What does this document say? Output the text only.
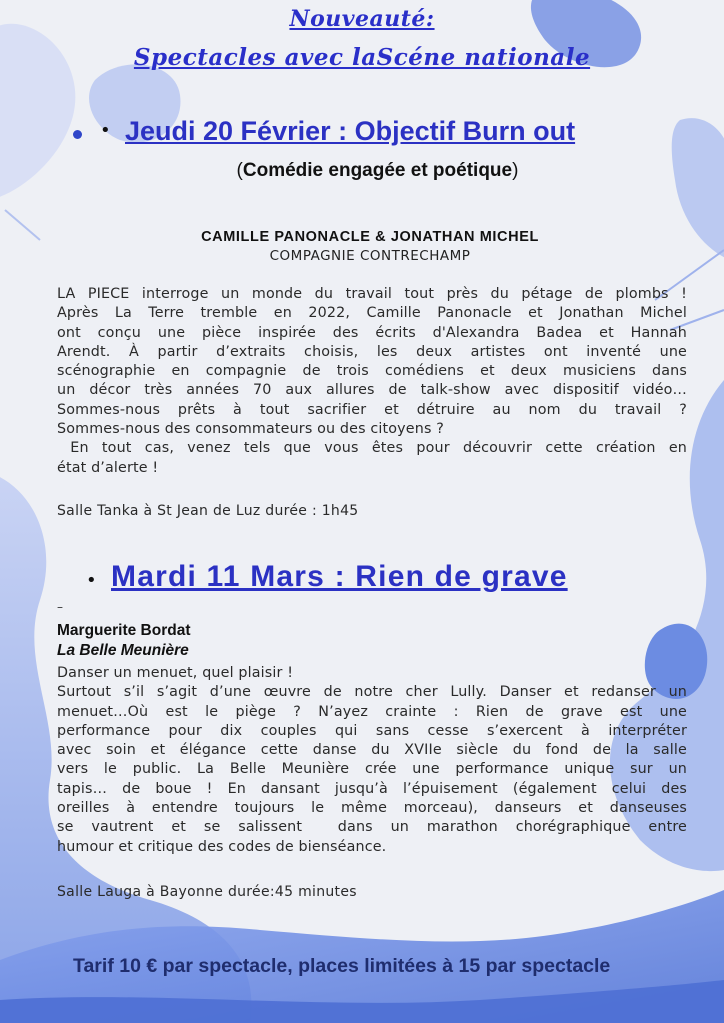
Nouveauté:
Spectacles avec laScéne nationale
• Jeudi 20 Février : Objectif Burn out
(Comédie engagée et poétique)
CAMILLE PANONACLE & JONATHAN MICHEL
COMPAGNIE CONTRECHAMP
LA PIECE interroge un monde du travail tout près du pétage de plombs !
Après La Terre tremble en 2022, Camille Panonacle et Jonathan Michel
ont conçu une pièce inspirée des écrits d'Alexandra Badea et Hannah
Arendt. À partir d’extraits choisis, les deux artistes ont inventé une
scénographie en compagnie de trois comédiens et deux musiciens dans
un décor très années 70 aux allures de talk-show avec dispositif vidéo…
Sommes-nous prêts à tout sacrifier et détruire au nom du travail ?
Sommes-nous des consommateurs ou des citoyens ?
En tout cas, venez tels que vous êtes pour découvrir cette création en
état d’alerte !
Salle Tanka à St Jean de Luz durée : 1h45
• Mardi 11 Mars : Rien de grave
–
Marguerite Bordat
La Belle Meunière
Danser un menuet, quel plaisir !
Surtout s’il s’agit d’une œuvre de notre cher Lully. Danser et redanser un
menuet…Où est le piège ? N’ayez crainte : Rien de grave est une
performance pour dix couples qui sans cesse s’exercent à interpréter
avec soin et élégance cette danse du XVIIe siècle du fond de la salle
vers le public. La Belle Meunière crée une performance unique sur un
tapis… de boue ! En dansant jusqu’à l’épuisement (également celui des
oreilles à entendre toujours le même morceau), danseurs et danseuses
se vautrent et se salissent  dans un marathon chorégraphique entre
humour et critique des codes de bienséance.
Salle Lauga à Bayonne durée:45 minutes
Tarif 10 € par spectacle, places limitées à 15 par spectacle
